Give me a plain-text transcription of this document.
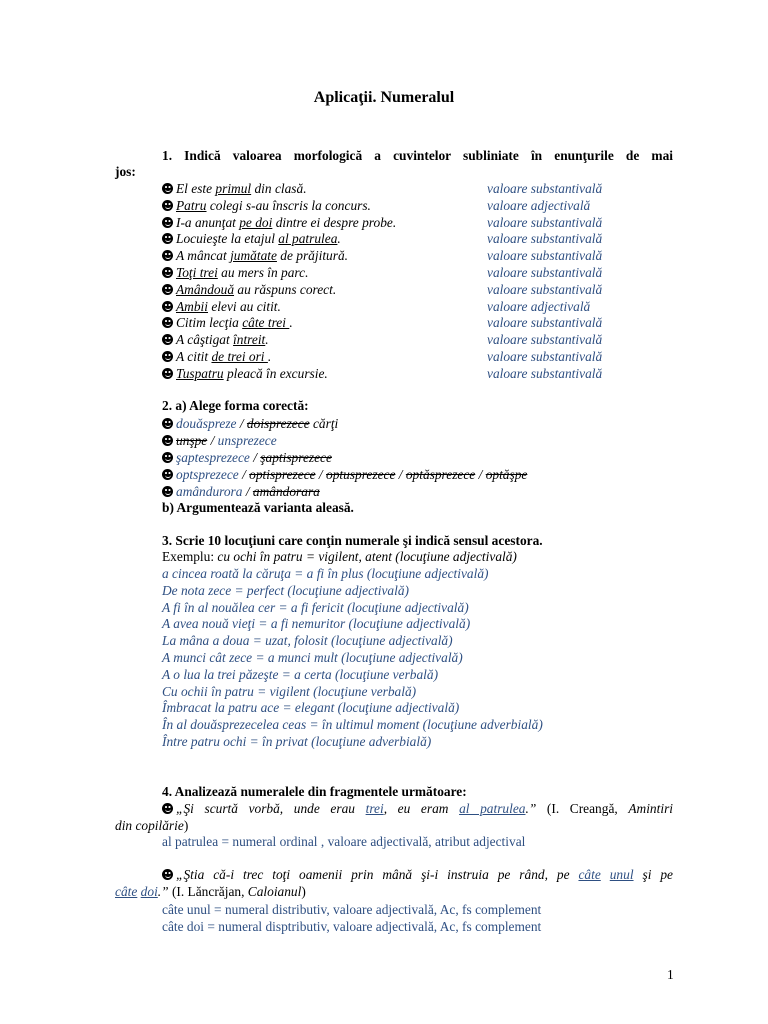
Aplicaţii. Numeralul
1. Indică valoarea morfologică a cuvintelor subliniate în enunţurile de mai
jos:
El este primul din clasă.	valoare substantivală
Patru colegi s-au înscris la concurs.	valoare adjectivală
I-a anunţat pe doi dintre ei despre probe.	valoare substantivală
Locuieşte la etajul al patrulea.	valoare substantivală
A mâncat jumătate de prăjitură.	valoare substantivală
Toţi trei au mers în parc.	valoare substantivală
Amândouă au răspuns corect.	valoare substantivală
Ambii elevi au citit.	valoare adjectivală
Citim lecţia câte trei .	valoare substantivală
A câştigat întreit.	valoare substantivală
A citit de trei ori .	valoare substantivală
Tuspatru pleacă în excursie.	valoare substantivală
2. a) Alege forma corectă:
douăspreze / doisprezece cărţi
unşpe / unsprezece
şaptesprezece / şaptisprezece
optsprezece / optisprezece / optusprezece / optăsprezece / optăşpe
amândurora / amândorara
b) Argumentează varianta aleasă.
3. Scrie 10 locuţiuni care conţin numerale şi indică sensul acestora.
Exemplu: cu ochi în patru = vigilent, atent (locuţiune adjectivală)
a cincea roată la căruţa = a fi în plus (locuţiune adjectivală)
De nota zece = perfect (locuţiune adjectivală)
A fi în al nouălea cer = a fi fericit (locuţiune adjectivală)
A avea nouă vieţi = a fi nemuritor (locuţiune adjectivală)
La mâna a doua = uzat, folosit (locuţiune adjectivală)
A munci cât zece = a munci mult (locuţiune adjectivală)
A o lua la trei păzeşte = a certa (locuţiune verbală)
Cu ochii în patru = vigilent (locuţiune verbală)
Îmbracat la patru ace = elegant (locuţiune adjectivală)
În al douăsprezecelea ceas = în ultimul moment (locuţiune adverbială)
Între patru ochi = în privat (locuţiune adverbială)
4. Analizează numeralele din fragmentele următoare:
„Şi scurtă vorbă, unde erau trei, eu eram al patrulea.” (I. Creangă, Amintiri
din copilărie)
al patrulea = numeral ordinal , valoare adjectivală, atribut adjectival
„Ştia că-i trec toţi oamenii prin mână şi-i instruia pe rând, pe câte unul şi pe
câte doi.” (I. Lăncrăjan, Caloianul)
câte unul = numeral distributiv, valoare adjectivală, Ac, fs complement
câte doi = numeral disptributiv, valoare adjectivală, Ac, fs complement
1
